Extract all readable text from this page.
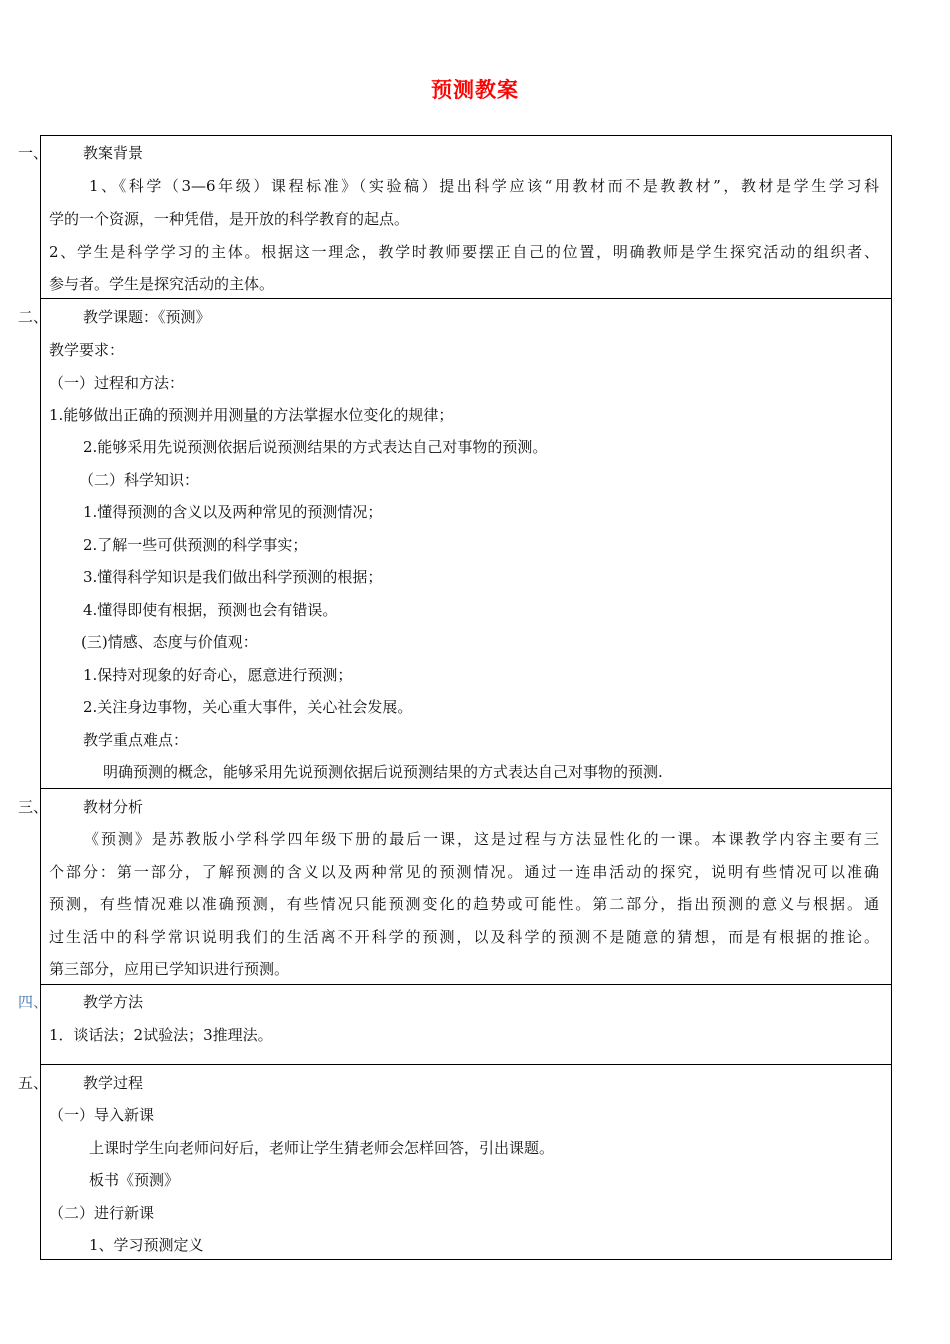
预测教案
一、 教案背景
1、《科学（3—6年级）课程标准》（实验稿）提出科学应该“用教材而不是教教材”，教材是学生学习科
学的一个资源，一种凭借，是开放的科学教育的起点。
2、学生是科学学习的主体。根据这一理念，教学时教师要摆正自己的位置，明确教师是学生探究活动的组织者、
参与者。学生是探究活动的主体。
二、 教学课题：《预测》
教学要求：
（一）过程和方法：
1.能够做出正确的预测并用测量的方法掌握水位变化的规律；
2.能够采用先说预测依据后说预测结果的方式表达自己对事物的预测。
（二）科学知识：
1.懂得预测的含义以及两种常见的预测情况；
2.了解一些可供预测的科学事实；
3.懂得科学知识是我们做出科学预测的根据；
4.懂得即使有根据，预测也会有错误。
(三)情感、态度与价值观：
1.保持对现象的好奇心，愿意进行预测；
2.关注身边事物，关心重大事件，关心社会发展。
教学重点难点：
明确预测的概念，能够采用先说预测依据后说预测结果的方式表达自己对事物的预测.
三、 教材分析
《预测》是苏教版小学科学四年级下册的最后一课，这是过程与方法显性化的一课。本课教学内容主要有三
个部分：第一部分，了解预测的含义以及两种常见的预测情况。通过一连串活动的探究，说明有些情况可以准确
预测，有些情况难以准确预测，有些情况只能预测变化的趋势或可能性。第二部分，指出预测的意义与根据。通
过生活中的科学常识说明我们的生活离不开科学的预测，以及科学的预测不是随意的猜想，而是有根据的推论。
第三部分，应用已学知识进行预测。
四、 教学方法
1．谈话法；2试验法；3推理法。
五、 教学过程
（一）导入新课
上课时学生向老师问好后，老师让学生猜老师会怎样回答，引出课题。
板书《预测》
（二）进行新课
1、学习预测定义
